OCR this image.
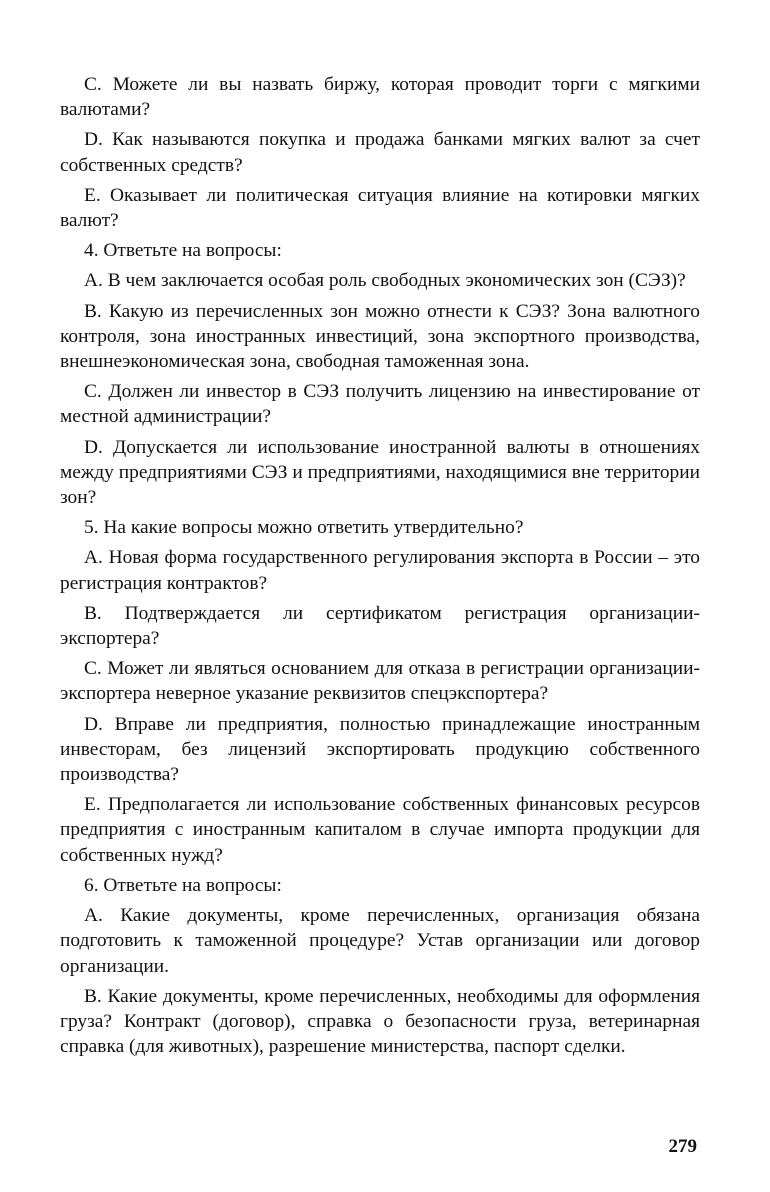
C. Можете ли вы назвать биржу, которая проводит торги с мягкими валютами?

D. Как называются покупка и продажа банками мягких валют за счет собственных средств?

E. Оказывает ли политическая ситуация влияние на котировки мягких валют?

4. Ответьте на вопросы:

A. В чем заключается особая роль свободных экономических зон (СЭЗ)?

B. Какую из перечисленных зон можно отнести к СЭЗ? Зона валютного контроля, зона иностранных инвестиций, зона экспортного производства, внешнеэкономическая зона, свободная таможенная зона.

C. Должен ли инвестор в СЭЗ получить лицензию на инвестирование от местной администрации?

D. Допускается ли использование иностранной валюты в отношениях между предприятиями СЭЗ и предприятиями, находящимися вне территории зон?

5. На какие вопросы можно ответить утвердительно?

A. Новая форма государственного регулирования экспорта в России – это регистрация контрактов?

B. Подтверждается ли сертификатом регистрация организации-экспортера?

C. Может ли являться основанием для отказа в регистрации организации-экспортера неверное указание реквизитов спецэкспортера?

D. Вправе ли предприятия, полностью принадлежащие иностранным инвесторам, без лицензий экспортировать продукцию собственного производства?

E. Предполагается ли использование собственных финансовых ресурсов предприятия с иностранным капиталом в случае импорта продукции для собственных нужд?

6. Ответьте на вопросы:

A. Какие документы, кроме перечисленных, организация обязана подготовить к таможенной процедуре? Устав организации или договор организации.

B. Какие документы, кроме перечисленных, необходимы для оформления груза? Контракт (договор), справка о безопасности груза, ветеринарная справка (для животных), разрешение министерства, паспорт сделки.

279
